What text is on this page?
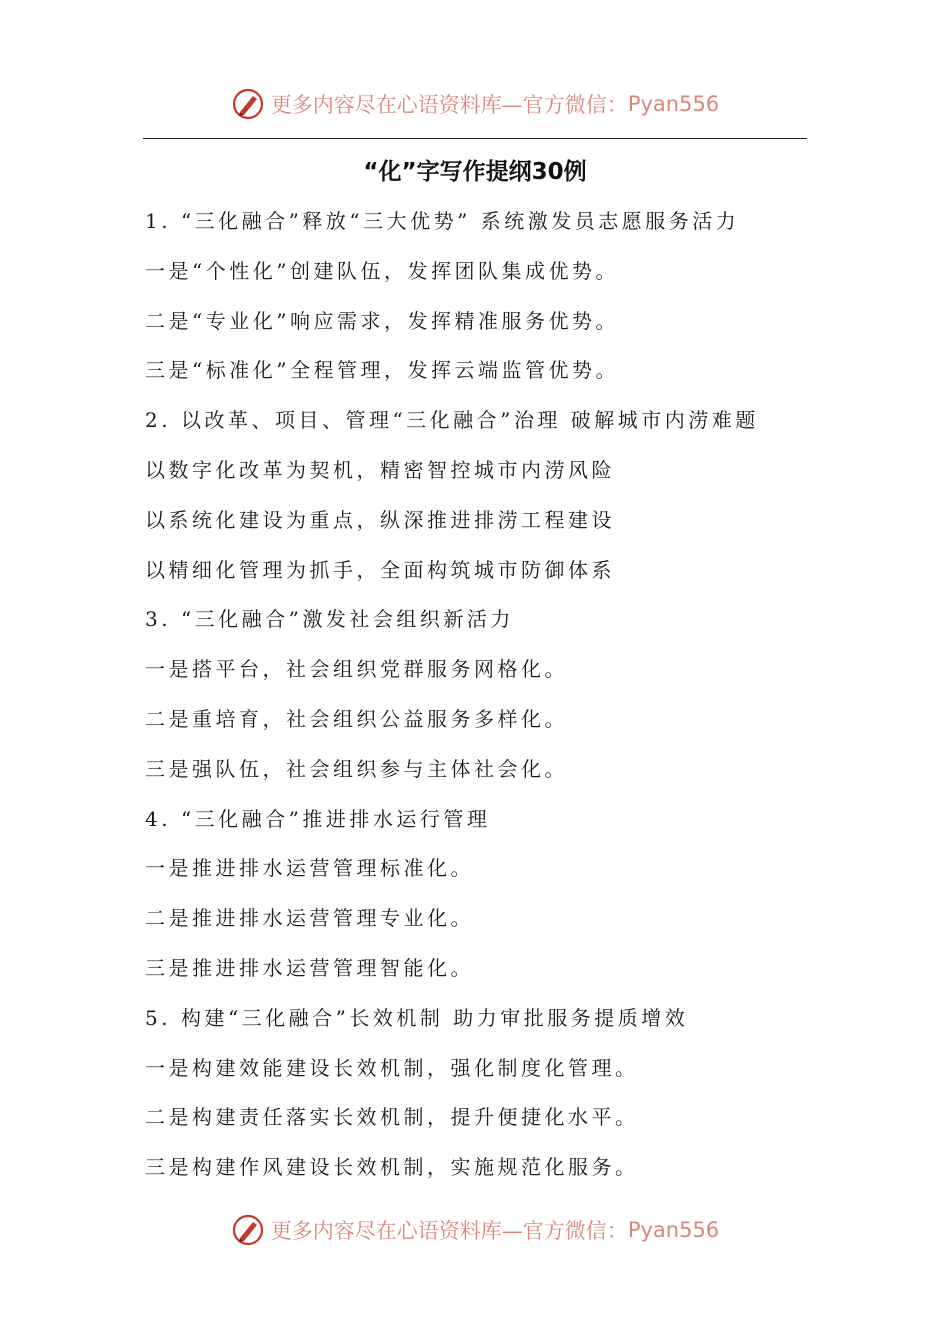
更多内容尽在心语资料库—官方微信： Pyan556
“化”字写作提纲30例
1. “三化融合”释放“三大优势” 系统激发员志愿服务活力
一是“个性化”创建队伍，发挥团队集成优势。
二是“专业化”响应需求，发挥精准服务优势。
三是“标准化”全程管理，发挥云端监管优势。
2. 以改革、项目、管理“三化融合”治理 破解城市内涝难题
以数字化改革为契机，精密智控城市内涝风险
以系统化建设为重点，纵深推进排涝工程建设
以精细化管理为抓手，全面构筑城市防御体系
3. “三化融合”激发社会组织新活力
一是搭平台，社会组织党群服务网格化。
二是重培育，社会组织公益服务多样化。
三是强队伍，社会组织参与主体社会化。
4. “三化融合”推进排水运行管理
一是推进排水运营管理标准化。
二是推进排水运营管理专业化。
三是推进排水运营管理智能化。
5. 构建“三化融合”长效机制 助力审批服务提质增效
一是构建效能建设长效机制，强化制度化管理。
二是构建责任落实长效机制，提升便捷化水平。
三是构建作风建设长效机制，实施规范化服务。
更多内容尽在心语资料库—官方微信： Pyan556
